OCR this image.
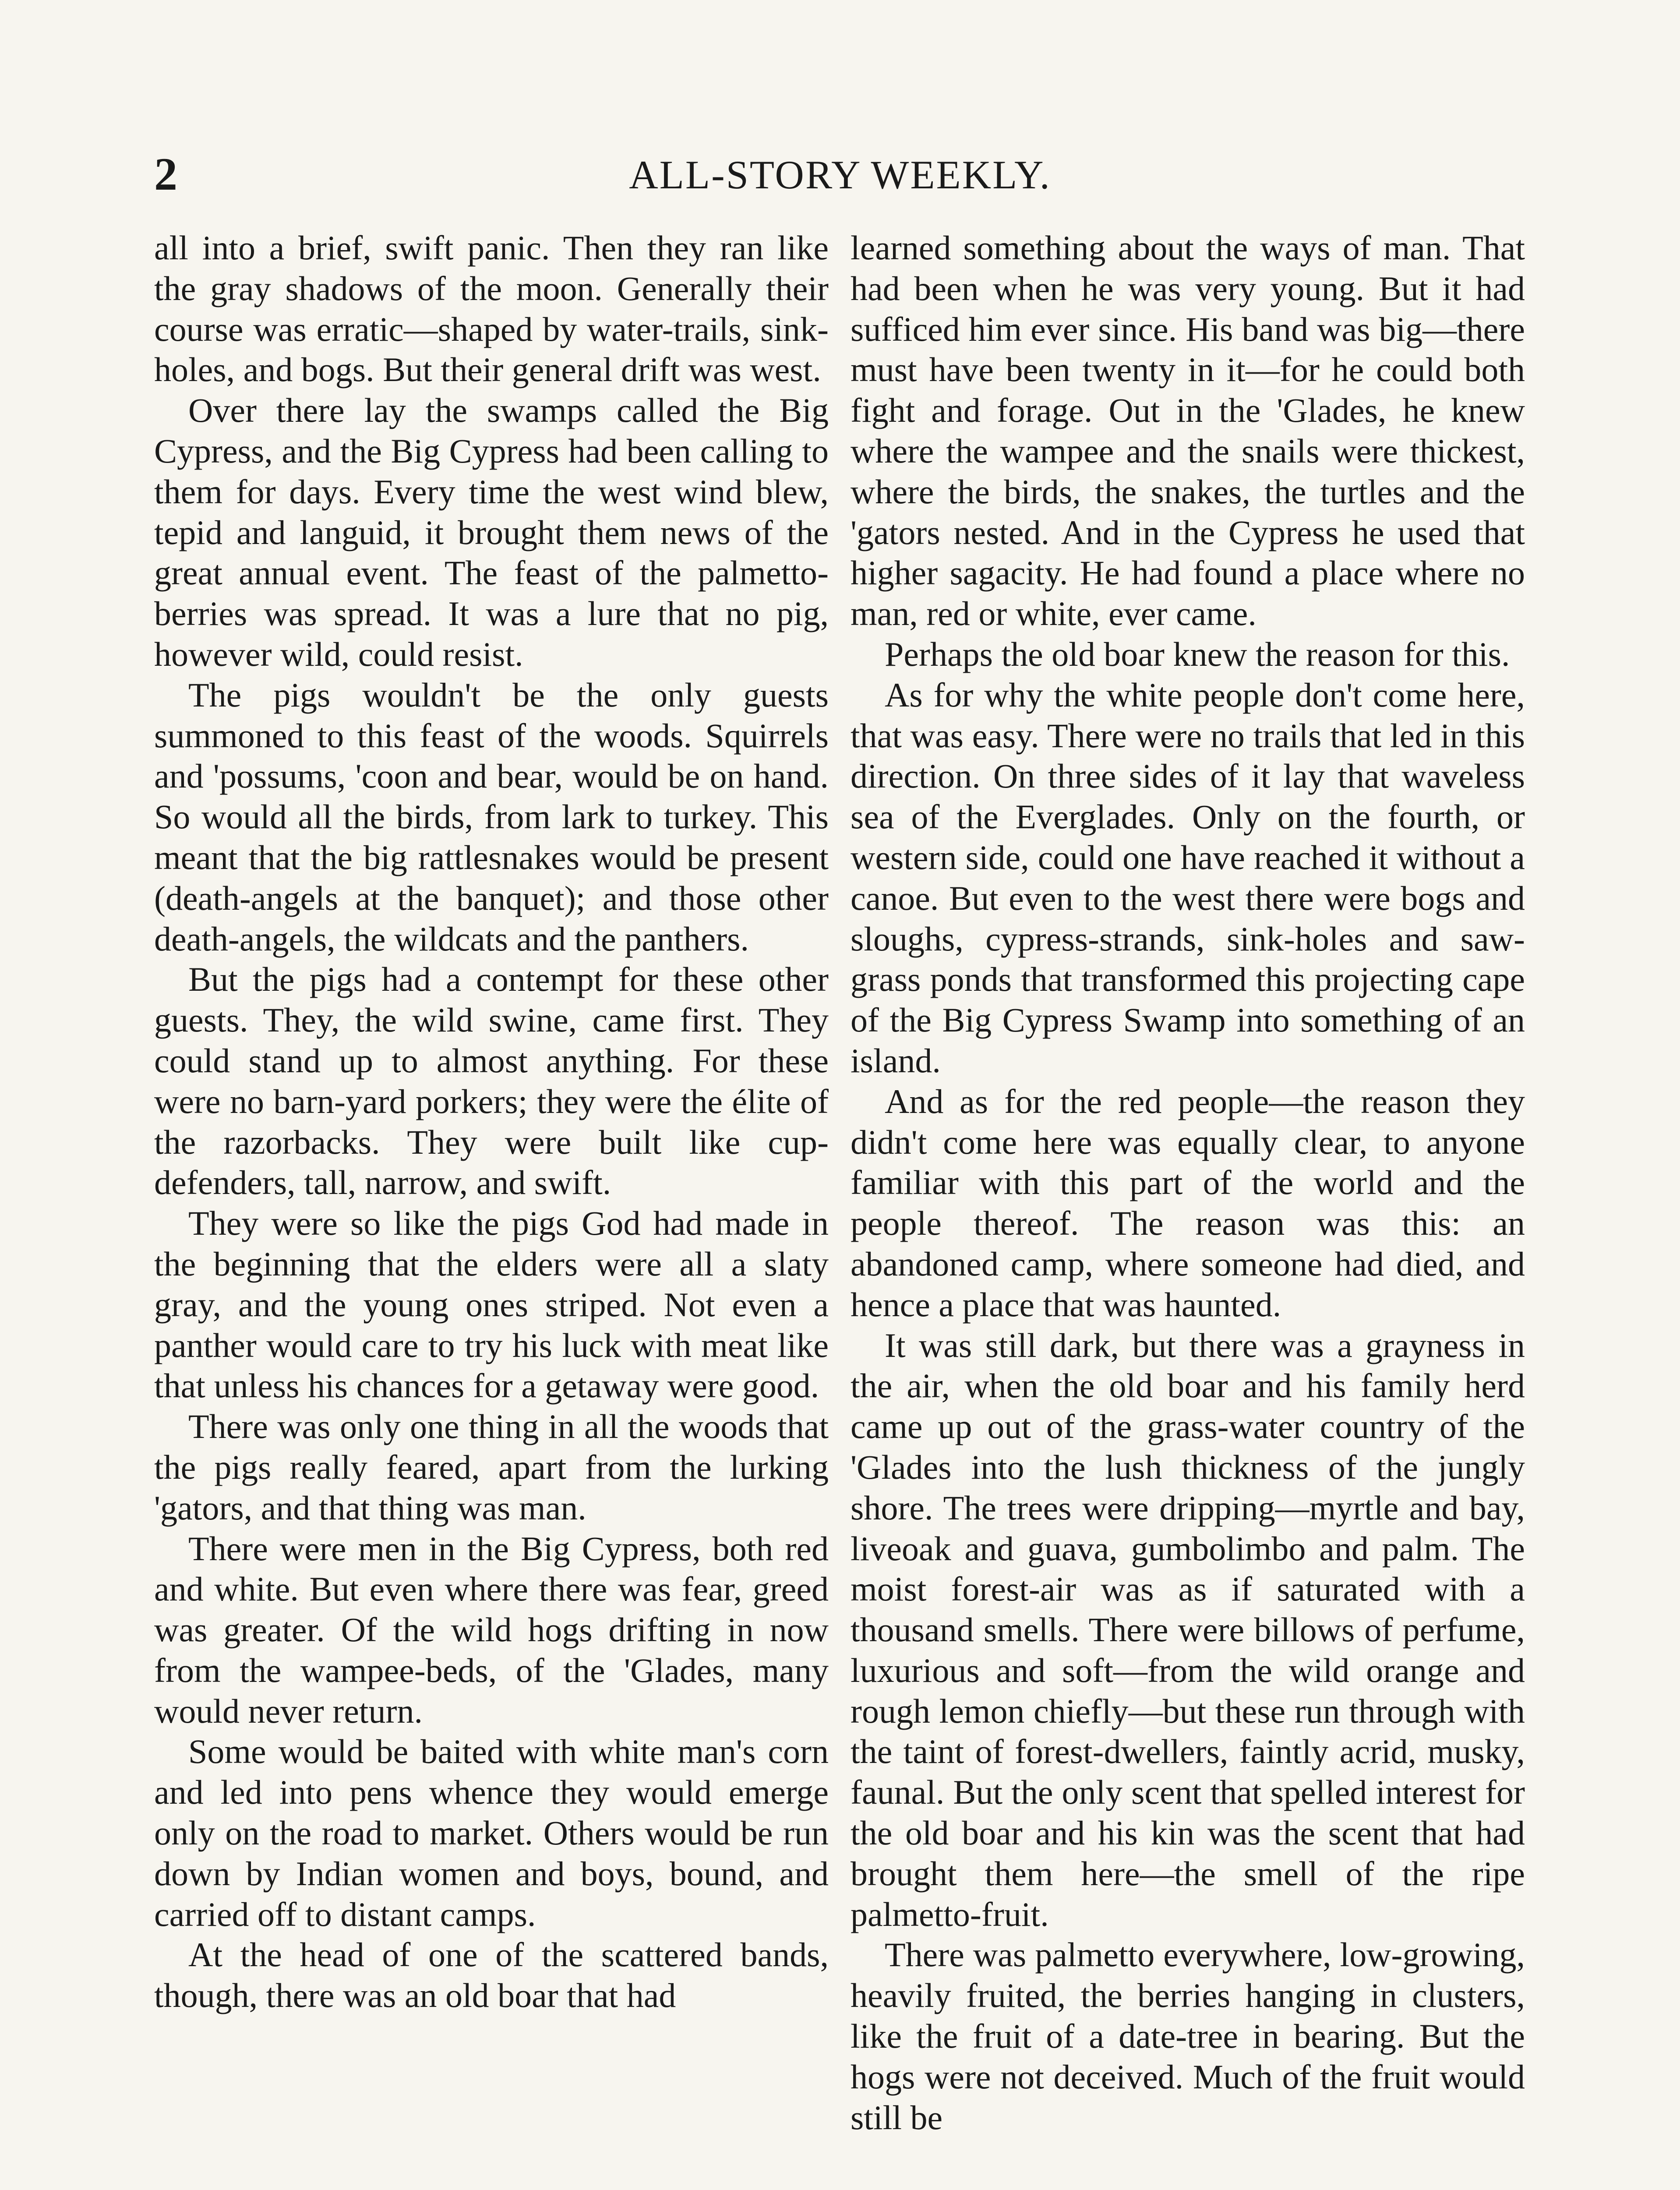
2	ALL-STORY WEEKLY.

all into a brief, swift panic. Then they ran like the gray shadows of the moon. Generally their course was erratic—shaped by water-trails, sink-holes, and bogs. But their general drift was west.

Over there lay the swamps called the Big Cypress, and the Big Cypress had been calling to them for days. Every time the west wind blew, tepid and languid, it brought them news of the great annual event. The feast of the palmetto-berries was spread. It was a lure that no pig, however wild, could resist.

The pigs wouldn't be the only guests summoned to this feast of the woods. Squirrels and 'possums, 'coon and bear, would be on hand. So would all the birds, from lark to turkey. This meant that the big rattlesnakes would be present (death-angels at the banquet); and those other death-angels, the wildcats and the panthers.

But the pigs had a contempt for these other guests. They, the wild swine, came first. They could stand up to almost anything. For these were no barn-yard porkers; they were the élite of the razorbacks. They were built like cup-defenders, tall, narrow, and swift.

They were so like the pigs God had made in the beginning that the elders were all a slaty gray, and the young ones striped. Not even a panther would care to try his luck with meat like that unless his chances for a getaway were good.

There was only one thing in all the woods that the pigs really feared, apart from the lurking 'gators, and that thing was man.

There were men in the Big Cypress, both red and white. But even where there was fear, greed was greater. Of the wild hogs drifting in now from the wampee-beds, of the 'Glades, many would never return.

Some would be baited with white man's corn and led into pens whence they would emerge only on the road to market. Others would be run down by Indian women and boys, bound, and carried off to distant camps.

At the head of one of the scattered bands, though, there was an old boar that had

learned something about the ways of man. That had been when he was very young. But it had sufficed him ever since. His band was big—there must have been twenty in it—for he could both fight and forage. Out in the 'Glades, he knew where the wampee and the snails were thickest, where the birds, the snakes, the turtles and the 'gators nested. And in the Cypress he used that higher sagacity. He had found a place where no man, red or white, ever came.

Perhaps the old boar knew the reason for this.

As for why the white people don't come here, that was easy. There were no trails that led in this direction. On three sides of it lay that waveless sea of the Everglades. Only on the fourth, or western side, could one have reached it without a canoe. But even to the west there were bogs and sloughs, cypress-strands, sink-holes and saw-grass ponds that transformed this projecting cape of the Big Cypress Swamp into something of an island.

And as for the red people—the reason they didn't come here was equally clear, to anyone familiar with this part of the world and the people thereof. The reason was this: an abandoned camp, where someone had died, and hence a place that was haunted.

It was still dark, but there was a grayness in the air, when the old boar and his family herd came up out of the grass-water country of the 'Glades into the lush thickness of the jungly shore. The trees were dripping—myrtle and bay, liveoak and guava, gumbolimbo and palm. The moist forest-air was as if saturated with a thousand smells. There were billows of perfume, luxurious and soft—from the wild orange and rough lemon chiefly—but these run through with the taint of forest-dwellers, faintly acrid, musky, faunal. But the only scent that spelled interest for the old boar and his kin was the scent that had brought them here—the smell of the ripe palmetto-fruit.

There was palmetto everywhere, low-growing, heavily fruited, the berries hanging in clusters, like the fruit of a date-tree in bearing. But the hogs were not deceived. Much of the fruit would still be
